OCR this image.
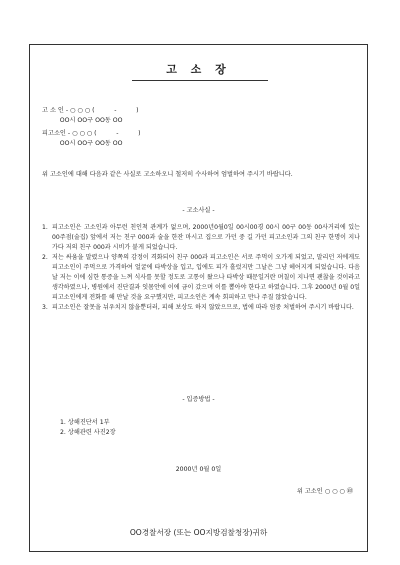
고 소 장
고 소 인 - ○ ○ ○ (          -          )
OO시 OO구 OO동 OO
피고소인 - ○ ○ ○ (          -          )
OO시 OO구 OO동 OO
위 고소인에 대해 다음과 같은 사실로 고소하오니 철저히 수사하여 엄벌하여 주시기 바랍니다.
- 고소사실 -
1. 피고소인은 고소인과 아무런 친인척 관계가 없으며, 2000년0월0일 00시00경 00시 00구 00동 00사거리에 있는 00주점(술집) 앞에서 저는 친구 000과 술을 한잔 마시고 집으로 가던 중 길 가던 피고소인과 그의 친구 한명이 지나가다 저의 친구 000과 시비가 붙게 되었습니다.
2. 저는 싸움을 말렸으나 양쪽의 감정이 격화되어 친구 000과 피고소인은 서로 주먹이 오가게 되었고, 말리던 저에게도 피고소인이 주먹으로 가격하여 얼굴에 타박상을 입고, 입에도 피가 흘렀지만 그날은 그냥 헤어지게 되었습니다. 다음날 저는 이에 심한 통증을 느껴 식사를 못할 정도로 고통이 왔으나 타박상 때문일거란 며칠이 지나면 괜찮을 것이라고 생각하였으나, 병원에서 진단결과 잇몸안에 이에 금이 갔으며 이를 뽑아야 한다고 하였습니다. 그후 2000년 0월 0일 피고소인에게 전화를 해 만날 것을 요구했지만, 피고소인은 계속 회피하고 만나 주질 않았습니다.
3. 피고소인은 잘못을 뉘우치지 않을뿐더러, 피해 보상도 하지 않았으므로, 법에 따라 엄중 처벌하여 주시기 바랍니다.
- 입증방법 -
1. 상해진단서 1부
2. 상해관련 사진2장
2000년 0월 0일
위 고소인 ○ ○ ○ ㊞
OO경찰서장 (또는 OO지방검찰청장)귀하
